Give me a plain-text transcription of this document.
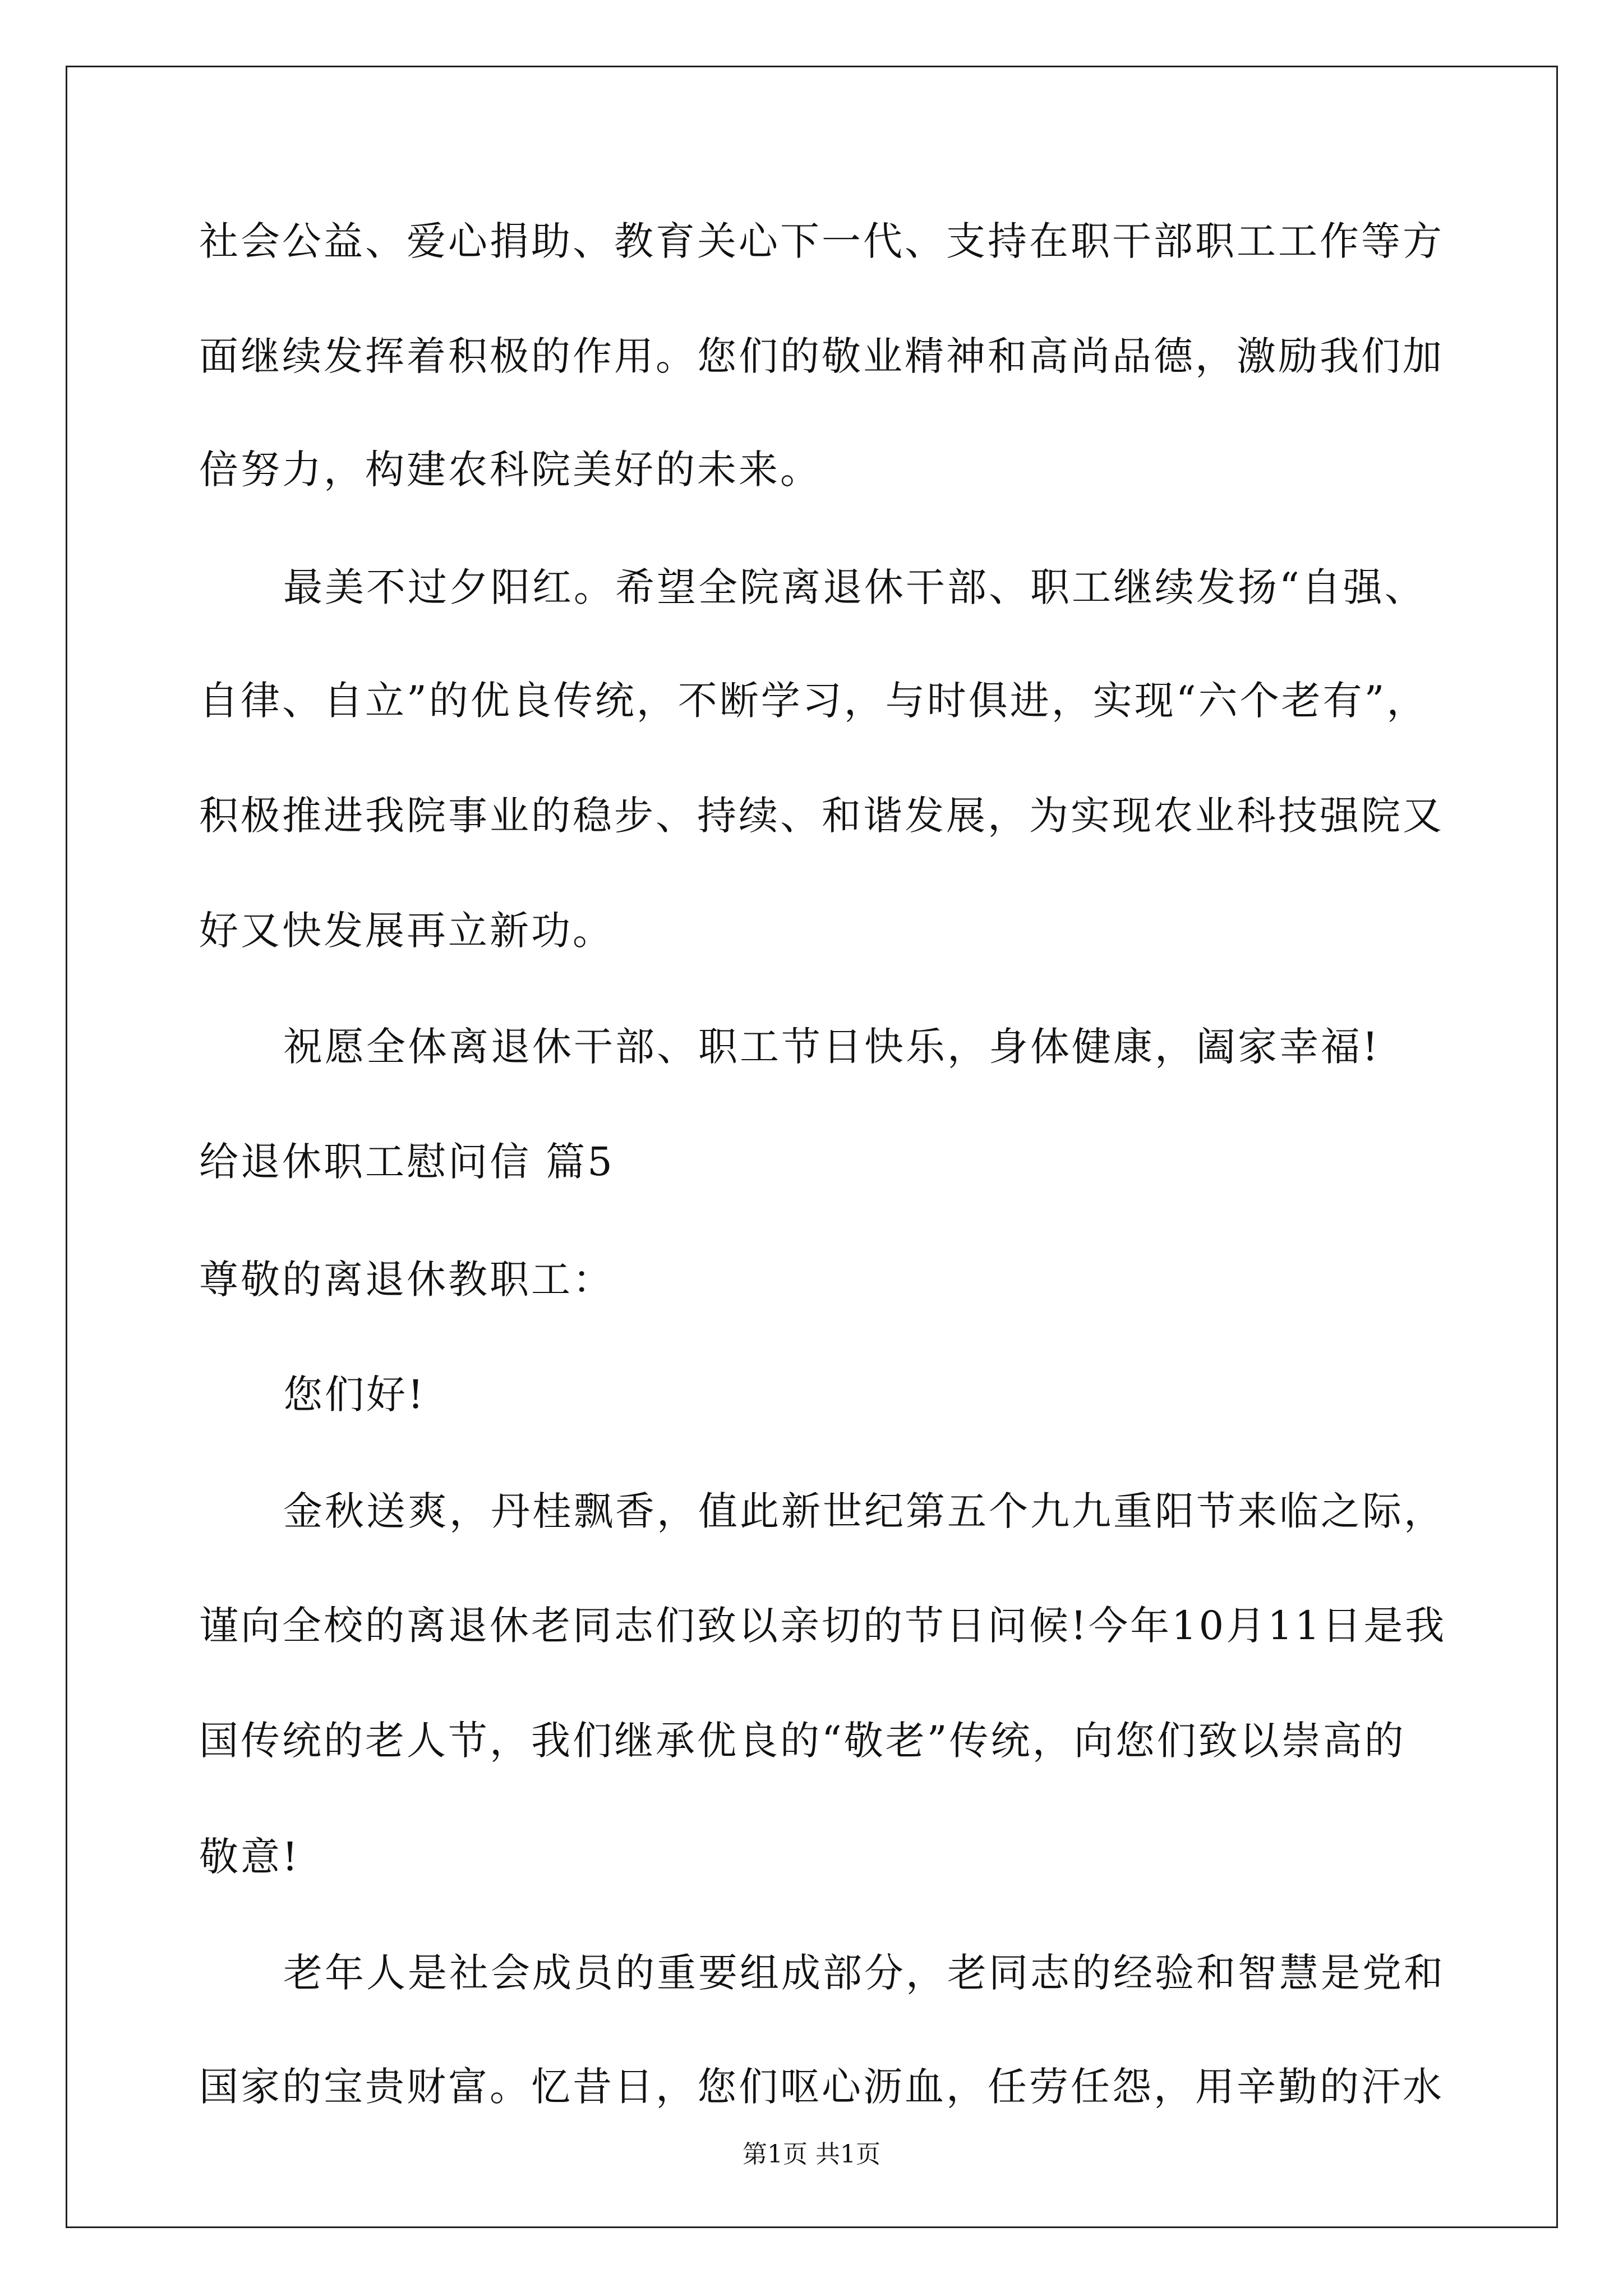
社会公益、爱心捐助、教育关心下一代、支持在职干部职工工作等方
面继续发挥着积极的作用。您们的敬业精神和高尚品德，激励我们加
倍努力，构建农科院美好的未来。
最美不过夕阳红。希望全院离退休干部、职工继续发扬“自强、
自律、自立”的优良传统，不断学习，与时俱进，实现“六个老有”，
积极推进我院事业的稳步、持续、和谐发展，为实现农业科技强院又
好又快发展再立新功。
祝愿全体离退休干部、职工节日快乐，身体健康，阖家幸福!
给退休职工慰问信 篇5
尊敬的离退休教职工：
您们好!
金秋送爽，丹桂飘香，值此新世纪第五个九九重阳节来临之际，
谨向全校的离退休老同志们致以亲切的节日问候!今年10月11日是我
国传统的老人节，我们继承优良的“敬老”传统，向您们致以崇高的
敬意!
老年人是社会成员的重要组成部分，老同志的经验和智慧是党和
国家的宝贵财富。忆昔日，您们呕心沥血，任劳任怨，用辛勤的汗水
第1页 共1页
